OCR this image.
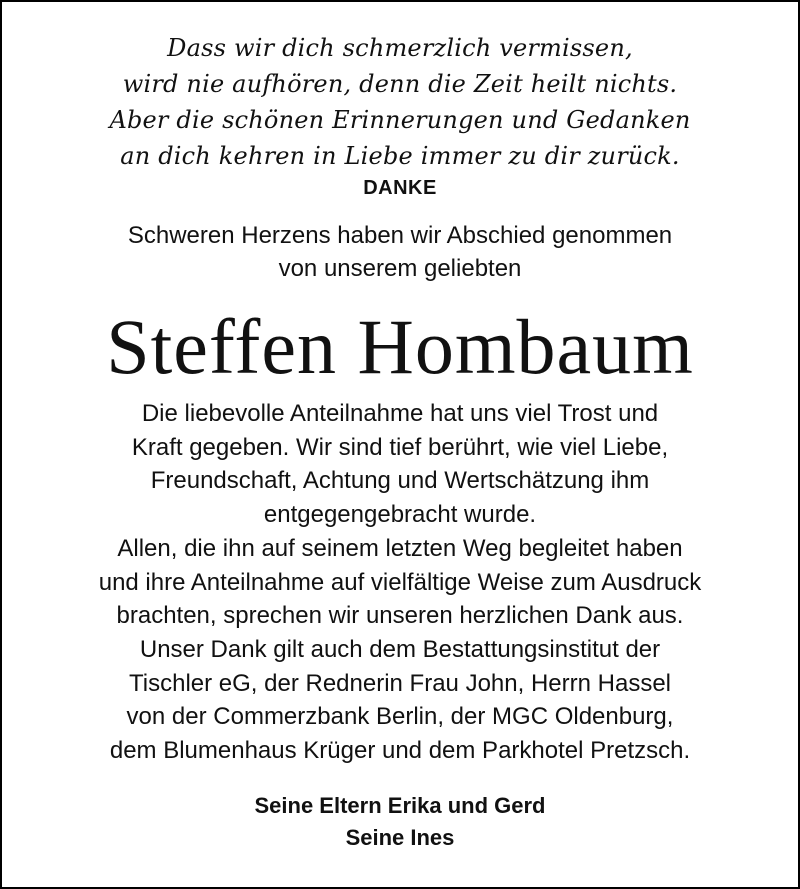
Dass wir dich schmerzlich vermissen,
wird nie aufhören, denn die Zeit heilt nichts.
Aber die schönen Erinnerungen und Gedanken
an dich kehren in Liebe immer zu dir zurück.
DANKE
Schweren Herzens haben wir Abschied genommen
von unserem geliebten
Steffen Hombaum
Die liebevolle Anteilnahme hat uns viel Trost und
Kraft gegeben. Wir sind tief berührt, wie viel Liebe,
Freundschaft, Achtung und Wertschätzung ihm
entgegengebracht wurde.
Allen, die ihn auf seinem letzten Weg begleitet haben
und ihre Anteilnahme auf vielfältige Weise zum Ausdruck
brachten, sprechen wir unseren herzlichen Dank aus.
Unser Dank gilt auch dem Bestattungsinstitut der
Tischler eG, der Rednerin Frau John, Herrn Hassel
von der Commerzbank Berlin, der MGC Oldenburg,
dem Blumenhaus Krüger und dem Parkhotel Pretzsch.
Seine Eltern Erika und Gerd
Seine Ines
